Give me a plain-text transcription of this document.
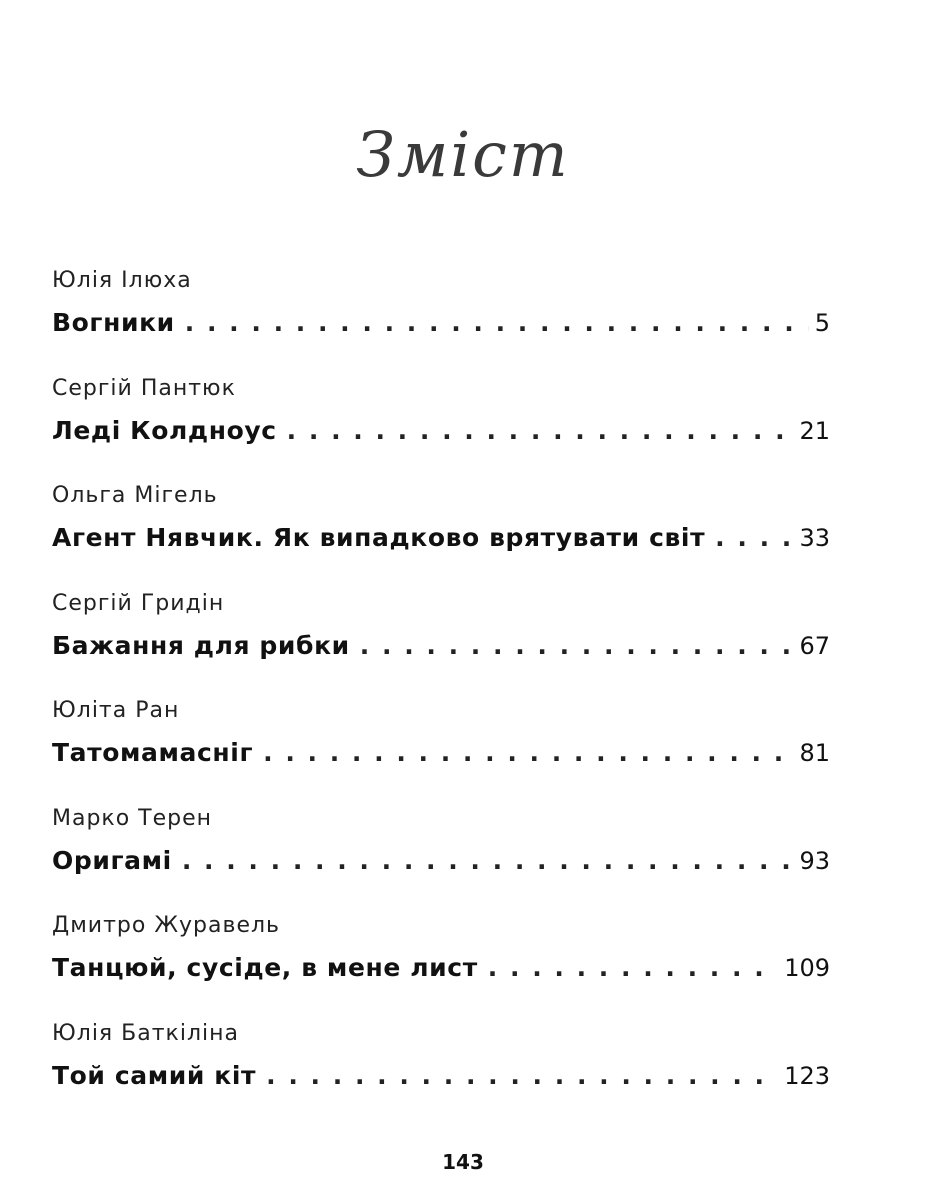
Зміст
Юлія Ілюха
Вогники . . .	5
Сергій Пантюк
Леді Колдноус . . .	21
Ольга Мігель
Агент Нявчик. Як випадково врятувати світ . . .	33
Сергій Гридін
Бажання для рибки . . .	67
Юліта Ран
Татомамасніг . . .	81
Марко Терен
Оригамі . . .	93
Дмитро Журавель
Танцюй, сусіде, в мене лист . . .	109
Юлія Баткіліна
Той самий кіт . . .	123
143
